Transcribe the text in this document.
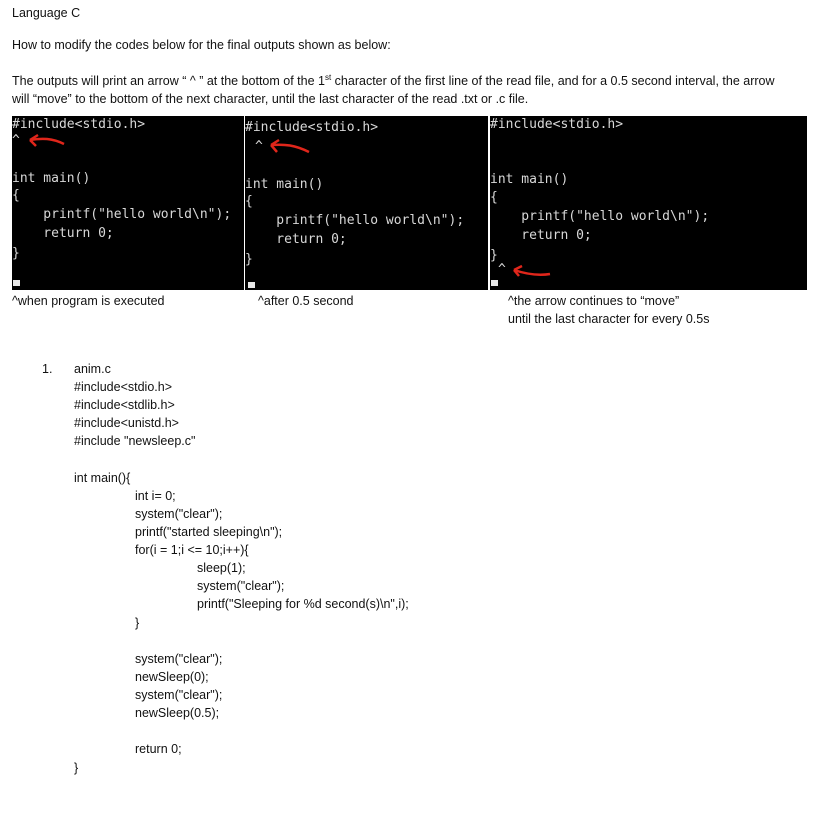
Language C
How to modify the codes below for the final outputs shown as below:
The outputs will print an arrow “ ^ ” at the bottom of the 1st character of the first line of the read file, and for a 0.5 second interval, the arrow
will “move” to the bottom of the next character, until the last character of the read .txt or .c file.
#include<stdio.h>
^
int main()
{
printf("hello world\n");
return 0;
}
^when program is executed
#include<stdio.h>
^
int main()
{
printf("hello world\n");
return 0;
}
^after 0.5 second
#include<stdio.h>
int main()
{
printf("hello world\n");
return 0;
}
^
^the arrow continues to “move”
until the last character for every 0.5s
1. anim.c
#include<stdio.h>
#include<stdlib.h>
#include<unistd.h>
#include "newsleep.c"
int main(){
int i= 0;
system("clear");
printf("started sleeping\n");
for(i = 1;i <= 10;i++){
sleep(1);
system("clear");
printf("Sleeping for %d second(s)\n",i);
}
system("clear");
newSleep(0);
system("clear");
newSleep(0.5);
return 0;
}
